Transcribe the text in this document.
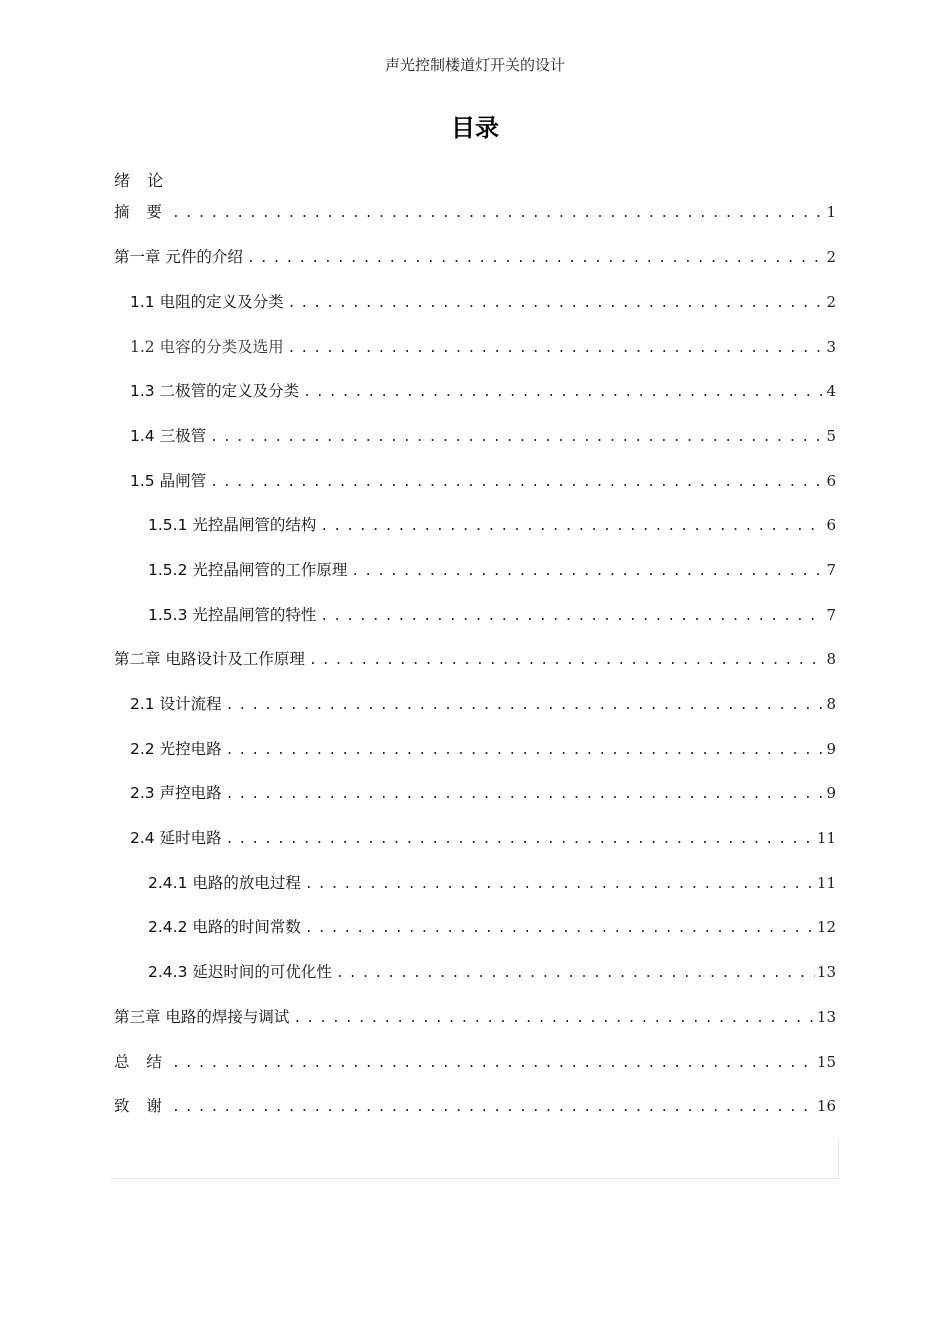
声光控制楼道灯开关的设计
目录
绪 论
摘 要 . . .	1
第一章 元件的介绍 . . .	2
1.1 电阻的定义及分类 . . .	2
1.2 电容的分类及选用 . . .	3
1.3 二极管的定义及分类 . . .	4
1.4 三极管 . . .	5
1.5 晶闸管 . . .	6
1.5.1 光控晶闸管的结构 . . .	6
1.5.2 光控晶闸管的工作原理 . . .	7
1.5.3 光控晶闸管的特性 . . .	7
第二章 电路设计及工作原理 . . .	8
2.1 设计流程 . . .	8
2.2 光控电路 . . .	9
2.3 声控电路 . . .	9
2.4 延时电路 . . .	11
2.4.1 电路的放电过程 . . .	11
2.4.2 电路的时间常数 . . .	12
2.4.3 延迟时间的可优化性 . . .	13
第三章 电路的焊接与调试 . . .	13
总 结 . . .	15
致 谢 . . .	16
